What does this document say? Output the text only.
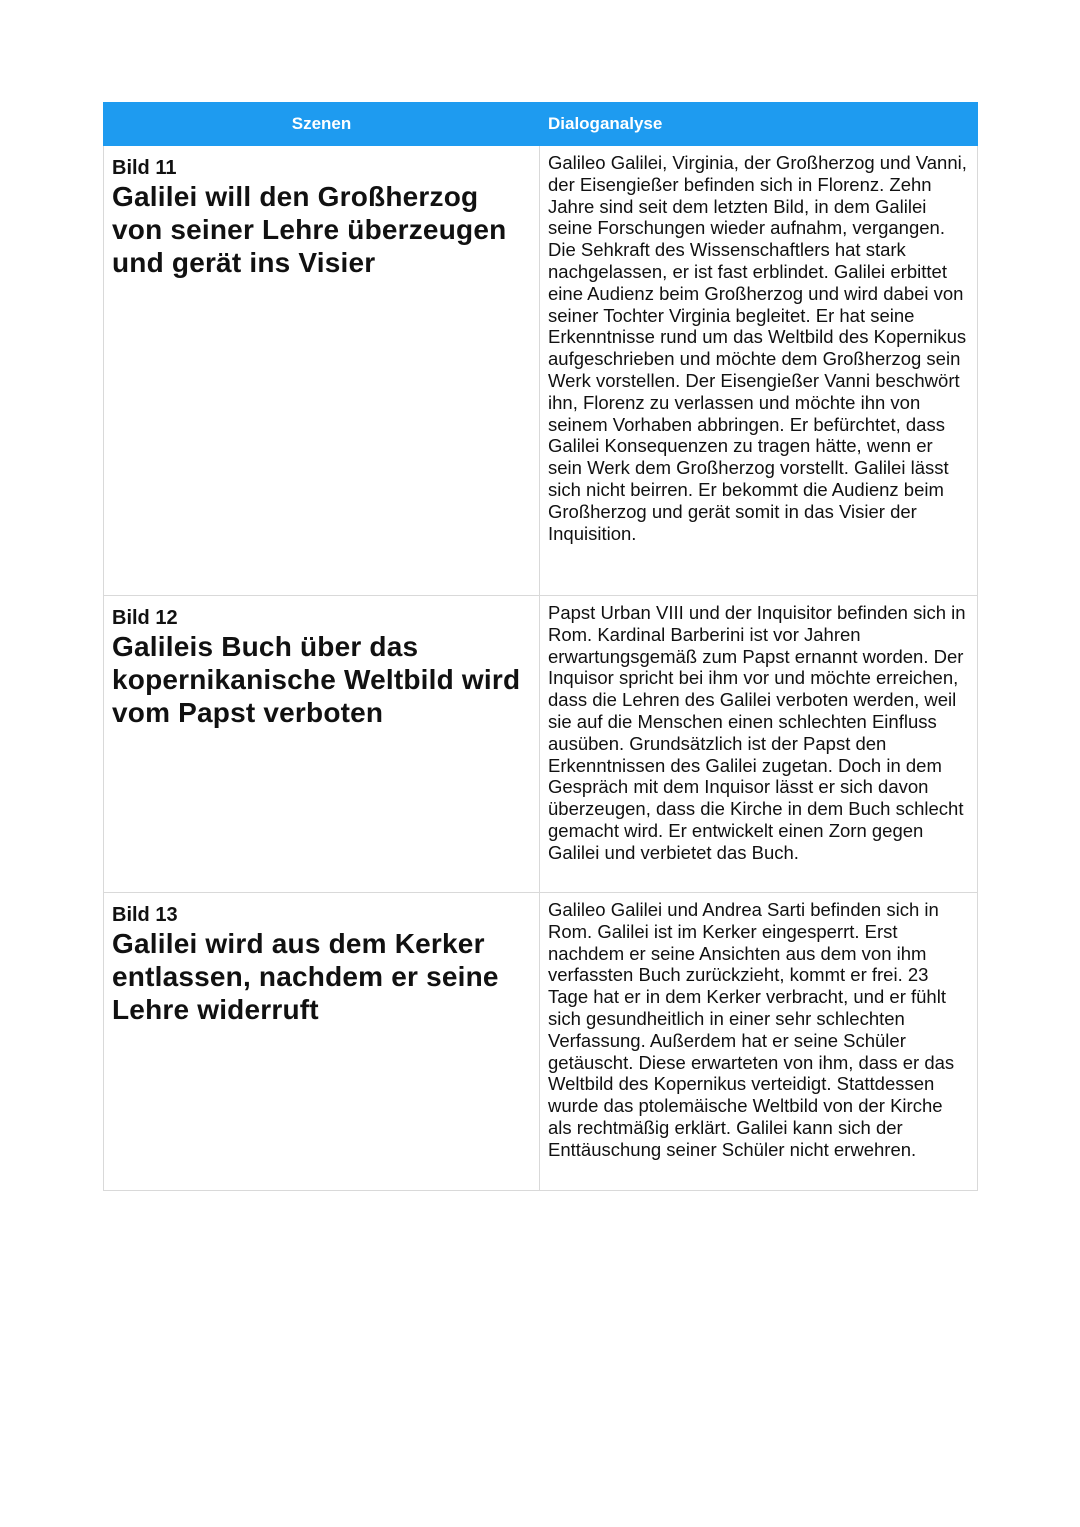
Szenen	Dialoganalyse

Bild 11
Galilei will den Großherzog von seiner Lehre überzeugen und gerät ins Visier	Galileo Galilei, Virginia, der Großherzog und Vanni, der Eisengießer befinden sich in Florenz. Zehn Jahre sind seit dem letzten Bild, in dem Galilei seine Forschungen wieder aufnahm, vergangen. Die Sehkraft des Wissenschaftlers hat stark nachgelassen, er ist fast erblindet. Galilei erbittet eine Audienz beim Großherzog und wird dabei von seiner Tochter Virginia begleitet. Er hat seine Erkenntnisse rund um das Weltbild des Kopernikus aufgeschrieben und möchte dem Großherzog sein Werk vorstellen. Der Eisengießer Vanni beschwört ihn, Florenz zu verlassen und möchte ihn von seinem Vorhaben abbringen. Er befürchtet, dass Galilei Konsequenzen zu tragen hätte, wenn er sein Werk dem Großherzog vorstellt. Galilei lässt sich nicht beirren. Er bekommt die Audienz beim Großherzog und gerät somit in das Visier der Inquisition.

Bild 12
Galileis Buch über das kopernikanische Weltbild wird vom Papst verboten	Papst Urban VIII und der Inquisitor befinden sich in Rom. Kardinal Barberini ist vor Jahren erwartungsgemäß zum Papst ernannt worden. Der Inquisor spricht bei ihm vor und möchte erreichen, dass die Lehren des Galilei verboten werden, weil sie auf die Menschen einen schlechten Einfluss ausüben. Grundsätzlich ist der Papst den Erkenntnissen des Galilei zugetan. Doch in dem Gespräch mit dem Inquisor lässt er sich davon überzeugen, dass die Kirche in dem Buch schlecht gemacht wird. Er entwickelt einen Zorn gegen Galilei und verbietet das Buch.

Bild 13
Galilei wird aus dem Kerker entlassen, nachdem er seine Lehre widerruft	Galileo Galilei und Andrea Sarti befinden sich in Rom. Galilei ist im Kerker eingesperrt. Erst nachdem er seine Ansichten aus dem von ihm verfassten Buch zurückzieht, kommt er frei. 23 Tage hat er in dem Kerker verbracht, und er fühlt sich gesundheitlich in einer sehr schlechten Verfassung. Außerdem hat er seine Schüler getäuscht. Diese erwarteten von ihm, dass er das Weltbild des Kopernikus verteidigt. Stattdessen wurde das ptolemäische Weltbild von der Kirche als rechtmäßig erklärt. Galilei kann sich der Enttäuschung seiner Schüler nicht erwehren.
